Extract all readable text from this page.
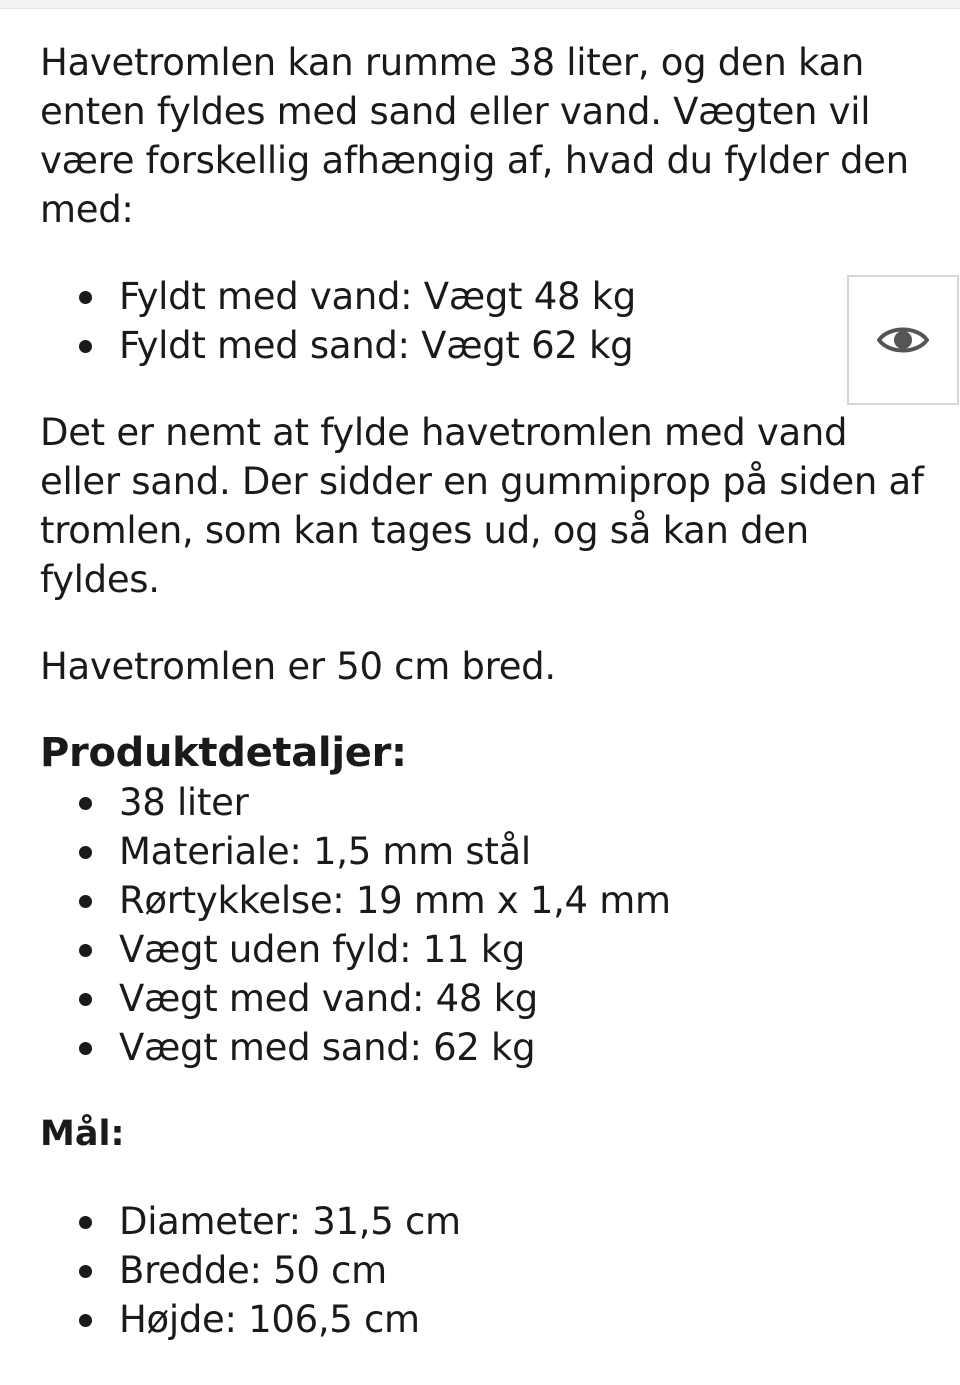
Havetromlen kan rumme 38 liter, og den kan enten fyldes med sand eller vand. Vægten vil være forskellig afhængig af, hvad du fylder den med:

Fyldt med vand: Vægt 48 kg
Fyldt med sand: Vægt 62 kg

Det er nemt at fylde havetromlen med vand eller sand. Der sidder en gummiprop på siden af tromlen, som kan tages ud, og så kan den fyldes.

Havetromlen er 50 cm bred.

Produktdetaljer:
38 liter
Materiale: 1,5 mm stål
Rørtykkelse: 19 mm x 1,4 mm
Vægt uden fyld: 11 kg
Vægt med vand: 48 kg
Vægt med sand: 62 kg
Mål:
Diameter: 31,5 cm
Bredde: 50 cm
Højde: 106,5 cm
